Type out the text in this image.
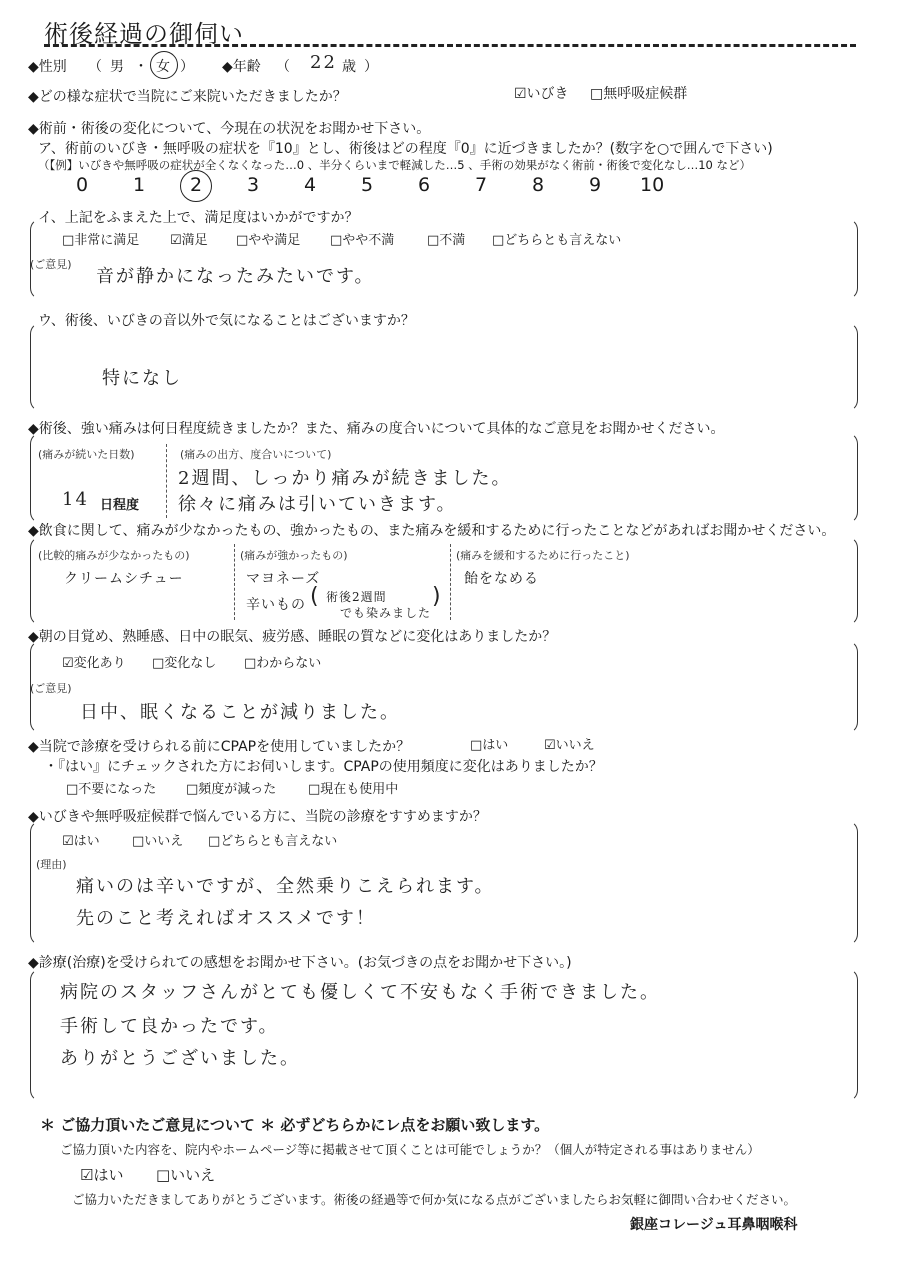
術後経過の御伺い
◆性別 （ 男 ・ 女 ） ◆年齢 （ 22 歳 ）
◆どの様な症状で当院にご来院いただきましたか？	☑いびき □無呼吸症候群
◆術前・術後の変化について、今現在の状況をお聞かせ下さい。
ア、術前のいびき・無呼吸の症状を『10』とし、術後はどの程度『0』に近づきましたか？(数字を○で囲んで下さい)
（【例】いびきや無呼吸の症状が全くなくなった…0 、半分くらいまで軽減した…5 、手術の効果がなく術前・術後で変化なし…10 など）
0 1 2 3 4 5 6 7 8 9 10
イ、上記をふまえた上で、満足度はいかがですか？
□非常に満足 ☑満足 □やや満足 □やや不満	□不満 □どちらとも言えない
(ご意見)
音が静かになったみたいです。
ウ、術後、いびきの音以外で気になることはございますか？
特になし
◆術後、強い痛みは何日程度続きましたか？また、痛みの度合いについて具体的なご意見をお聞かせください。
(痛みが続いた日数)
14 日程度
(痛みの出方、度合いについて)
2週間、しっかり痛みが続きました。
徐々に痛みは引いていきます。
◆飲食に関して、痛みが少なかったもの、強かったもの、また痛みを緩和するために行ったことなどがあればお聞かせください。
(比較的痛みが少なかったもの)
クリームシチュー
(痛みが強かったもの)
マヨネーズ
辛いもの ( 術後2週間
でも染みました
)
(痛みを緩和するために行ったこと)
飴をなめる
◆朝の目覚め、熟睡感、日中の眠気、疲労感、睡眠の質などに変化はありましたか？
☑変化あり □変化なし □わからない
(ご意見)
日中、眠くなることが減りました。
◆当院で診療を受けられる前にCPAPを使用していましたか？	□はい	☑いいえ
・『はい』にチェックされた方にお伺いします。CPAPの使用頻度に変化はありましたか？
□不要になった □頻度が減った □現在も使用中
◆いびきや無呼吸症候群で悩んでいる方に、当院の診療をすすめますか？
☑はい □いいえ □どちらとも言えない
(理由)
痛いのは辛いですが、全然乗りこえられます。
先のこと考えればオススメです！
◆診療(治療)を受けられての感想をお聞かせ下さい。(お気づきの点をお聞かせ下さい。)
病院のスタッフさんがとても優しくて不安もなく手術できました。
手術して良かったです。
ありがとうございました。
＊ ご協力頂いたご意見について ＊ 必ずどちらかにレ点をお願い致します。
ご協力頂いた内容を、院内やホームページ等に掲載させて頂くことは可能でしょうか？（個人が特定される事はありません）
☑はい □いいえ
ご協力いただきましてありがとうございます。術後の経過等で何か気になる点がございましたらお気軽に御問い合わせください。
銀座コレージュ耳鼻咽喉科
